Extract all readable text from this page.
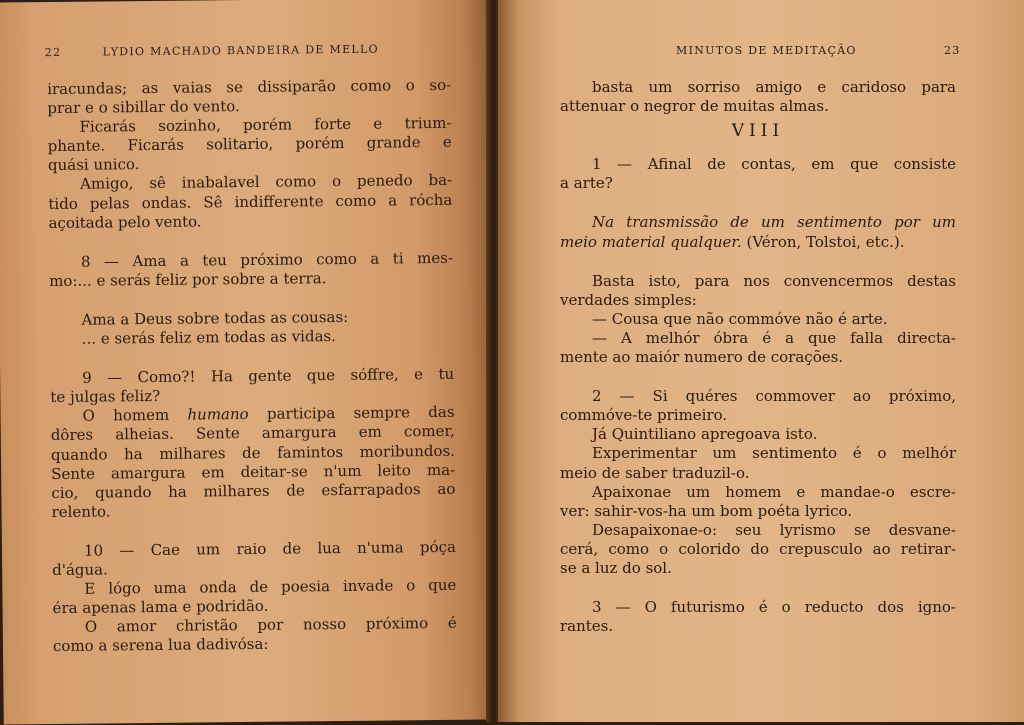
22	LYDIO MACHADO BANDEIRA DE MELLO

iracundas; as vaias se dissiparão como o so-

prar e o sibillar do vento.

Ficarás sozinho, porém forte e trium-

phante. Ficarás solitario, porém grande e

quási unico.

Amigo, sê inabalavel como o penedo ba-

tido pelas ondas. Sê indifferente como a rócha

açoitada pelo vento.

8 — Ama a teu próximo como a ti mes-

mo:... e serás feliz por sobre a terra.

Ama a Deus sobre todas as cousas:

... e serás feliz em todas as vidas.

9 — Como?! Ha gente que sóffre, e tu

te julgas feliz?

O homem humano participa sempre das

dôres alheias. Sente amargura em comer,

quando ha milhares de famintos moribundos.

Sente amargura em deitar-se n'um leito ma-

cio, quando ha milhares de esfarrapados ao

relento.

10 — Cae um raio de lua n'uma póça

d'água.

E lógo uma onda de poesia invade o que

éra apenas lama e podridão.

O amor christão por nosso próximo é

como a serena lua dadivósa:

MINUTOS DE MEDITAÇÃO	23

basta um sorriso amigo e caridoso para

attenuar o negror de muitas almas.

VIII

1 — Afinal de contas, em que consiste

a arte?

Na transmissão de um sentimento por um

meio material qualquer. (Véron, Tolstoi, etc.).

Basta isto, para nos convencermos destas

verdades simples:

— Cousa que não commóve não é arte.

— A melhór óbra é a que falla directa-

mente ao maiór numero de corações.

2 — Si quéres commover ao próximo,

commóve-te primeiro.

Já Quintiliano apregoava isto.

Experimentar um sentimento é o melhór

meio de saber traduzil-o.

Apaixonae um homem e mandae-o escre-

ver: sahir-vos-ha um bom poéta lyrico.

Desapaixonae-o: seu lyrismo se desvane-

cerá, como o colorido do crepusculo ao retirar-

se a luz do sol.

3 — O futurismo é o reducto dos igno-

rantes.
